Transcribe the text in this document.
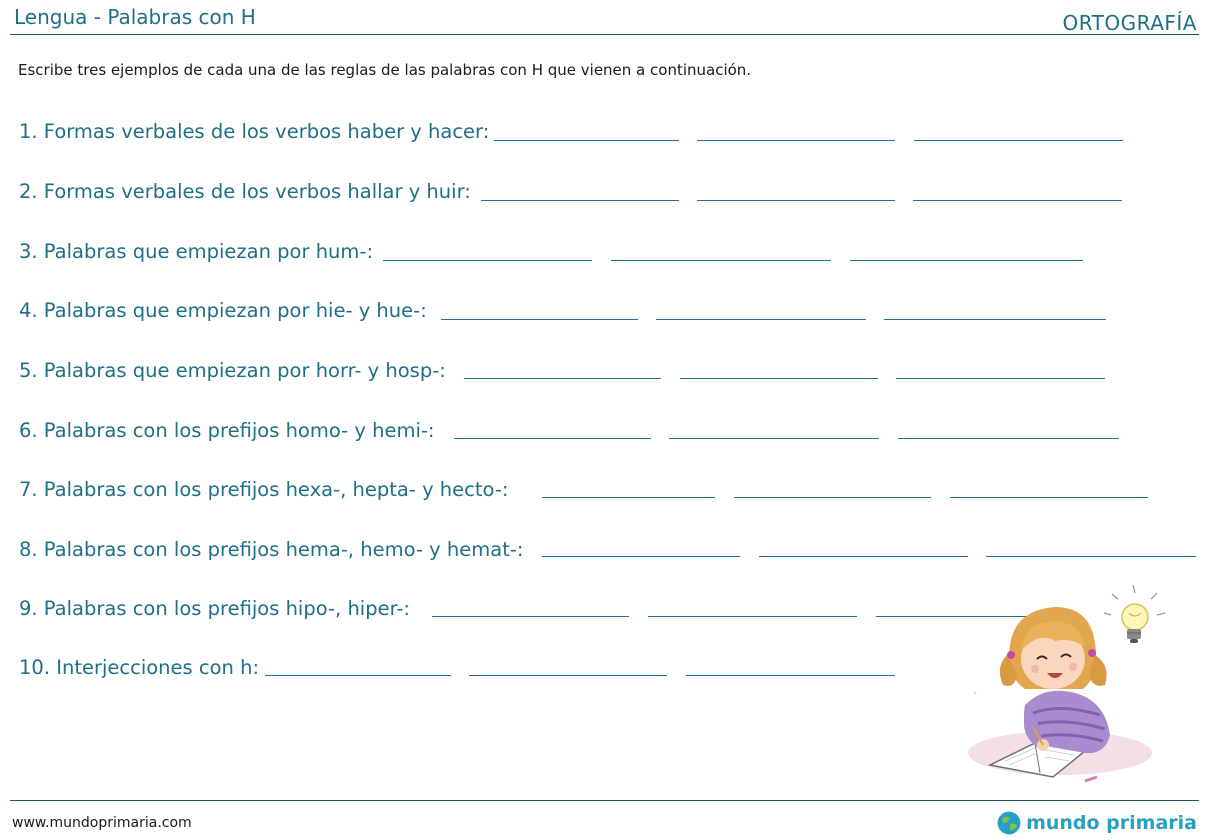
Lengua - Palabras con H	ORTOGRAFÍA
Escribe tres ejemplos de cada una de las reglas de las palabras con H que vienen a continuación.
1. Formas verbales de los verbos haber y hacer:
2. Formas verbales de los verbos hallar y huir:
3. Palabras que empiezan por hum-:
4. Palabras que empiezan por hie- y hue-:
5. Palabras que empiezan por horr- y hosp-:
6. Palabras con los prefijos homo- y hemi-:
7. Palabras con los prefijos hexa-, hepta- y hecto-:
8. Palabras con los prefijos hema-, hemo- y hemat-:
9. Palabras con los prefijos hipo-, hiper-:
10. Interjecciones con h:
www.mundoprimaria.com	mundo primaria
